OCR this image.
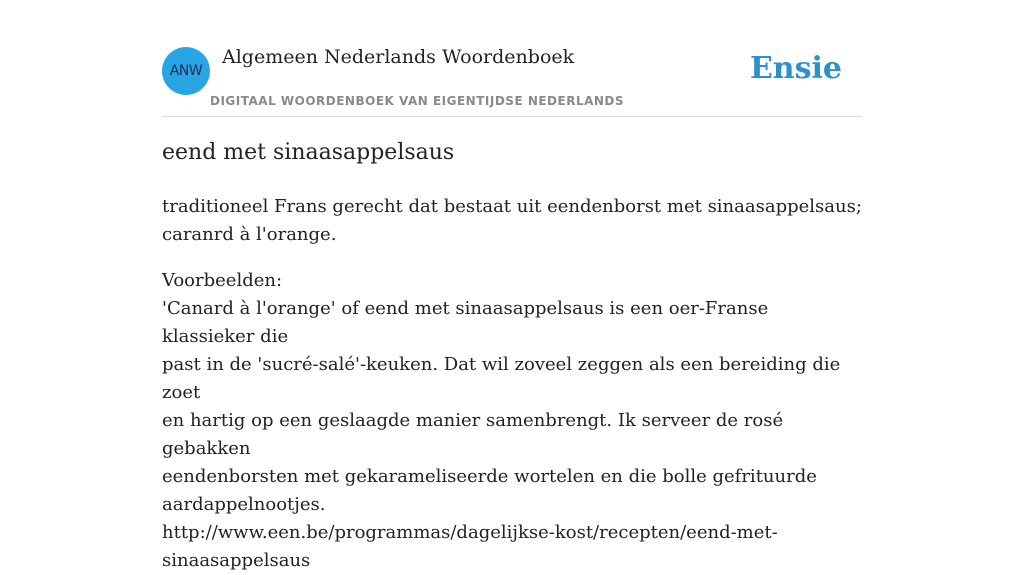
ANW
Algemeen Nederlands Woordenboek
DIGITAAL WOORDENBOEK VAN EIGENTIJDSE NEDERLANDS
Ensie
eend met sinaasappelsaus
traditioneel Frans gerecht dat bestaat uit eendenborst met sinaasappelsaus;
caranrd à l'orange.
Voorbeelden:
'Canard à l'orange' of eend met sinaasappelsaus is een oer-Franse klassieker die
past in de 'sucré-salé'-keuken. Dat wil zoveel zeggen als een bereiding die zoet
en hartig op een geslaagde manier samenbrengt. Ik serveer de rosé gebakken
eendenborsten met gekarameliseerde wortelen en die bolle gefrituurde
aardappelnootjes.
http://www.een.be/programmas/dagelijkse-kost/recepten/eend-met-
sinaasappelsaus
